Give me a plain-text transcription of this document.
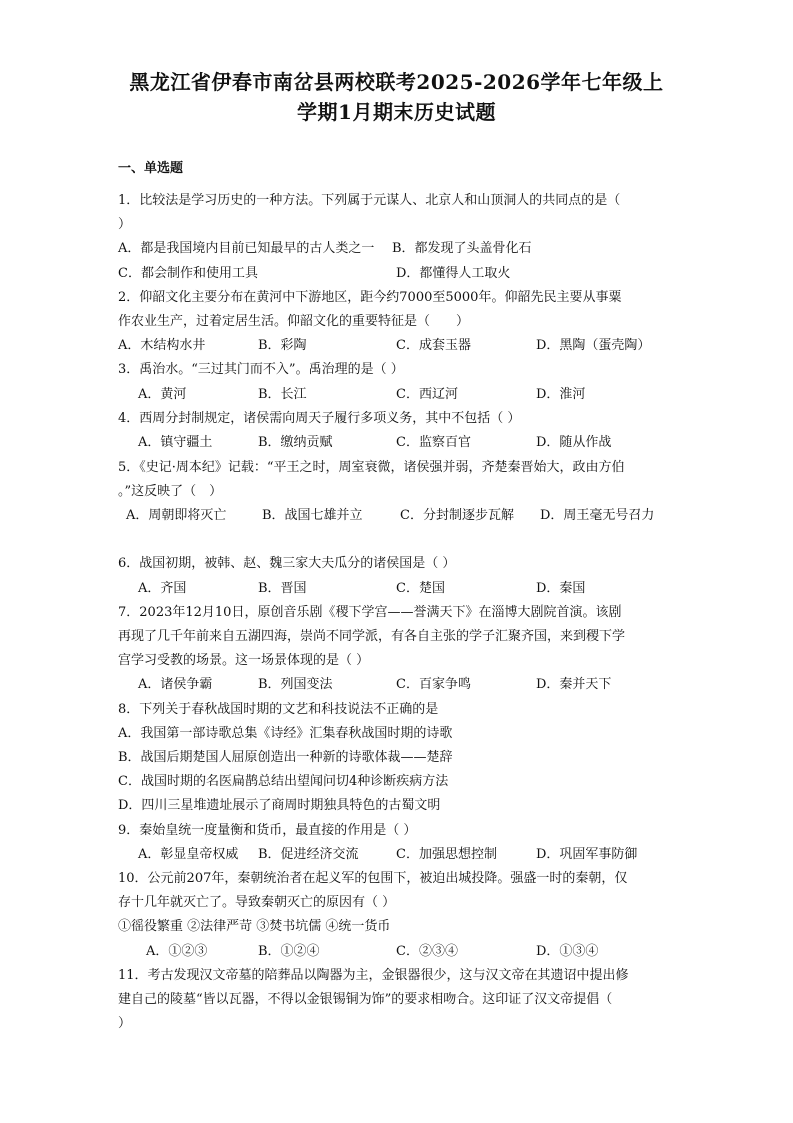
黑龙江省伊春市南岔县两校联考2025-2026学年七年级上
学期1月期末历史试题
一、单选题
1．比较法是学习历史的一种方法。下列属于元谋人、北京人和山顶洞人的共同点的是（
）
A．都是我国境内目前已知最早的古人类之一 B．都发现了头盖骨化石
C．都会制作和使用工具	D．都懂得人工取火
2．仰韶文化主要分布在黄河中下游地区，距今约7000至5000年。仰韶先民主要从事粟
作农业生产，过着定居生活。仰韶文化的重要特征是（　　）
A．木结构水井	B．彩陶	C．成套玉器	D．黑陶（蛋壳陶）
3．禹治水。“三过其门而不入”。禹治理的是（ ）
A．黄河	B．长江	C．西辽河	D．淮河
4．西周分封制规定，诸侯需向周天子履行多项义务，其中不包括（ ）
A．镇守疆土	B．缴纳贡赋	C．监察百官	D．随从作战
5．《史记·周本纪》记载：“平王之时，周室衰微，诸侯强并弱，齐楚秦晋始大，政由方伯
。”这反映了（　）
A．周朝即将灭亡	B．战国七雄并立	C．分封制逐步瓦解 D．周王毫无号召力
6．战国初期，被韩、赵、魏三家大夫瓜分的诸侯国是（ ）
A．齐国	B．晋国	C．楚国	D．秦国
7．2023年12月10日，原创音乐剧《稷下学宫——誉满天下》在淄博大剧院首演。该剧
再现了几千年前来自五湖四海，崇尚不同学派，有各自主张的学子汇聚齐国，来到稷下学
宫学习受教的场景。这一场景体现的是（ ）
A．诸侯争霸	B．列国变法	C．百家争鸣	D．秦并天下
8．下列关于春秋战国时期的文艺和科技说法不正确的是
A．我国第一部诗歌总集《诗经》汇集春秋战国时期的诗歌
B．战国后期楚国人屈原创造出一种新的诗歌体裁——楚辞
C．战国时期的名医扁鹊总结出望闻问切4种诊断疾病方法
D．四川三星堆遗址展示了商周时期独具特色的古蜀文明
9．秦始皇统一度量衡和货币，最直接的作用是（ ）
A．彰显皇帝权威 B．促进经济交流	C．加强思想控制	D．巩固军事防御
10．公元前207年，秦朝统治者在起义军的包围下，被迫出城投降。强盛一时的秦朝，仅
存十几年就灭亡了。导致秦朝灭亡的原因有（ ）
①徭役繁重 ②法律严苛 ③焚书坑儒 ④统一货币
A．①②③	B．①②④	C．②③④	D．①③④
11．考古发现汉文帝墓的陪葬品以陶器为主，金银器很少，这与汉文帝在其遗诏中提出修
建自己的陵墓“皆以瓦器，不得以金银锡铜为饰”的要求相吻合。这印证了汉文帝提倡（
）
